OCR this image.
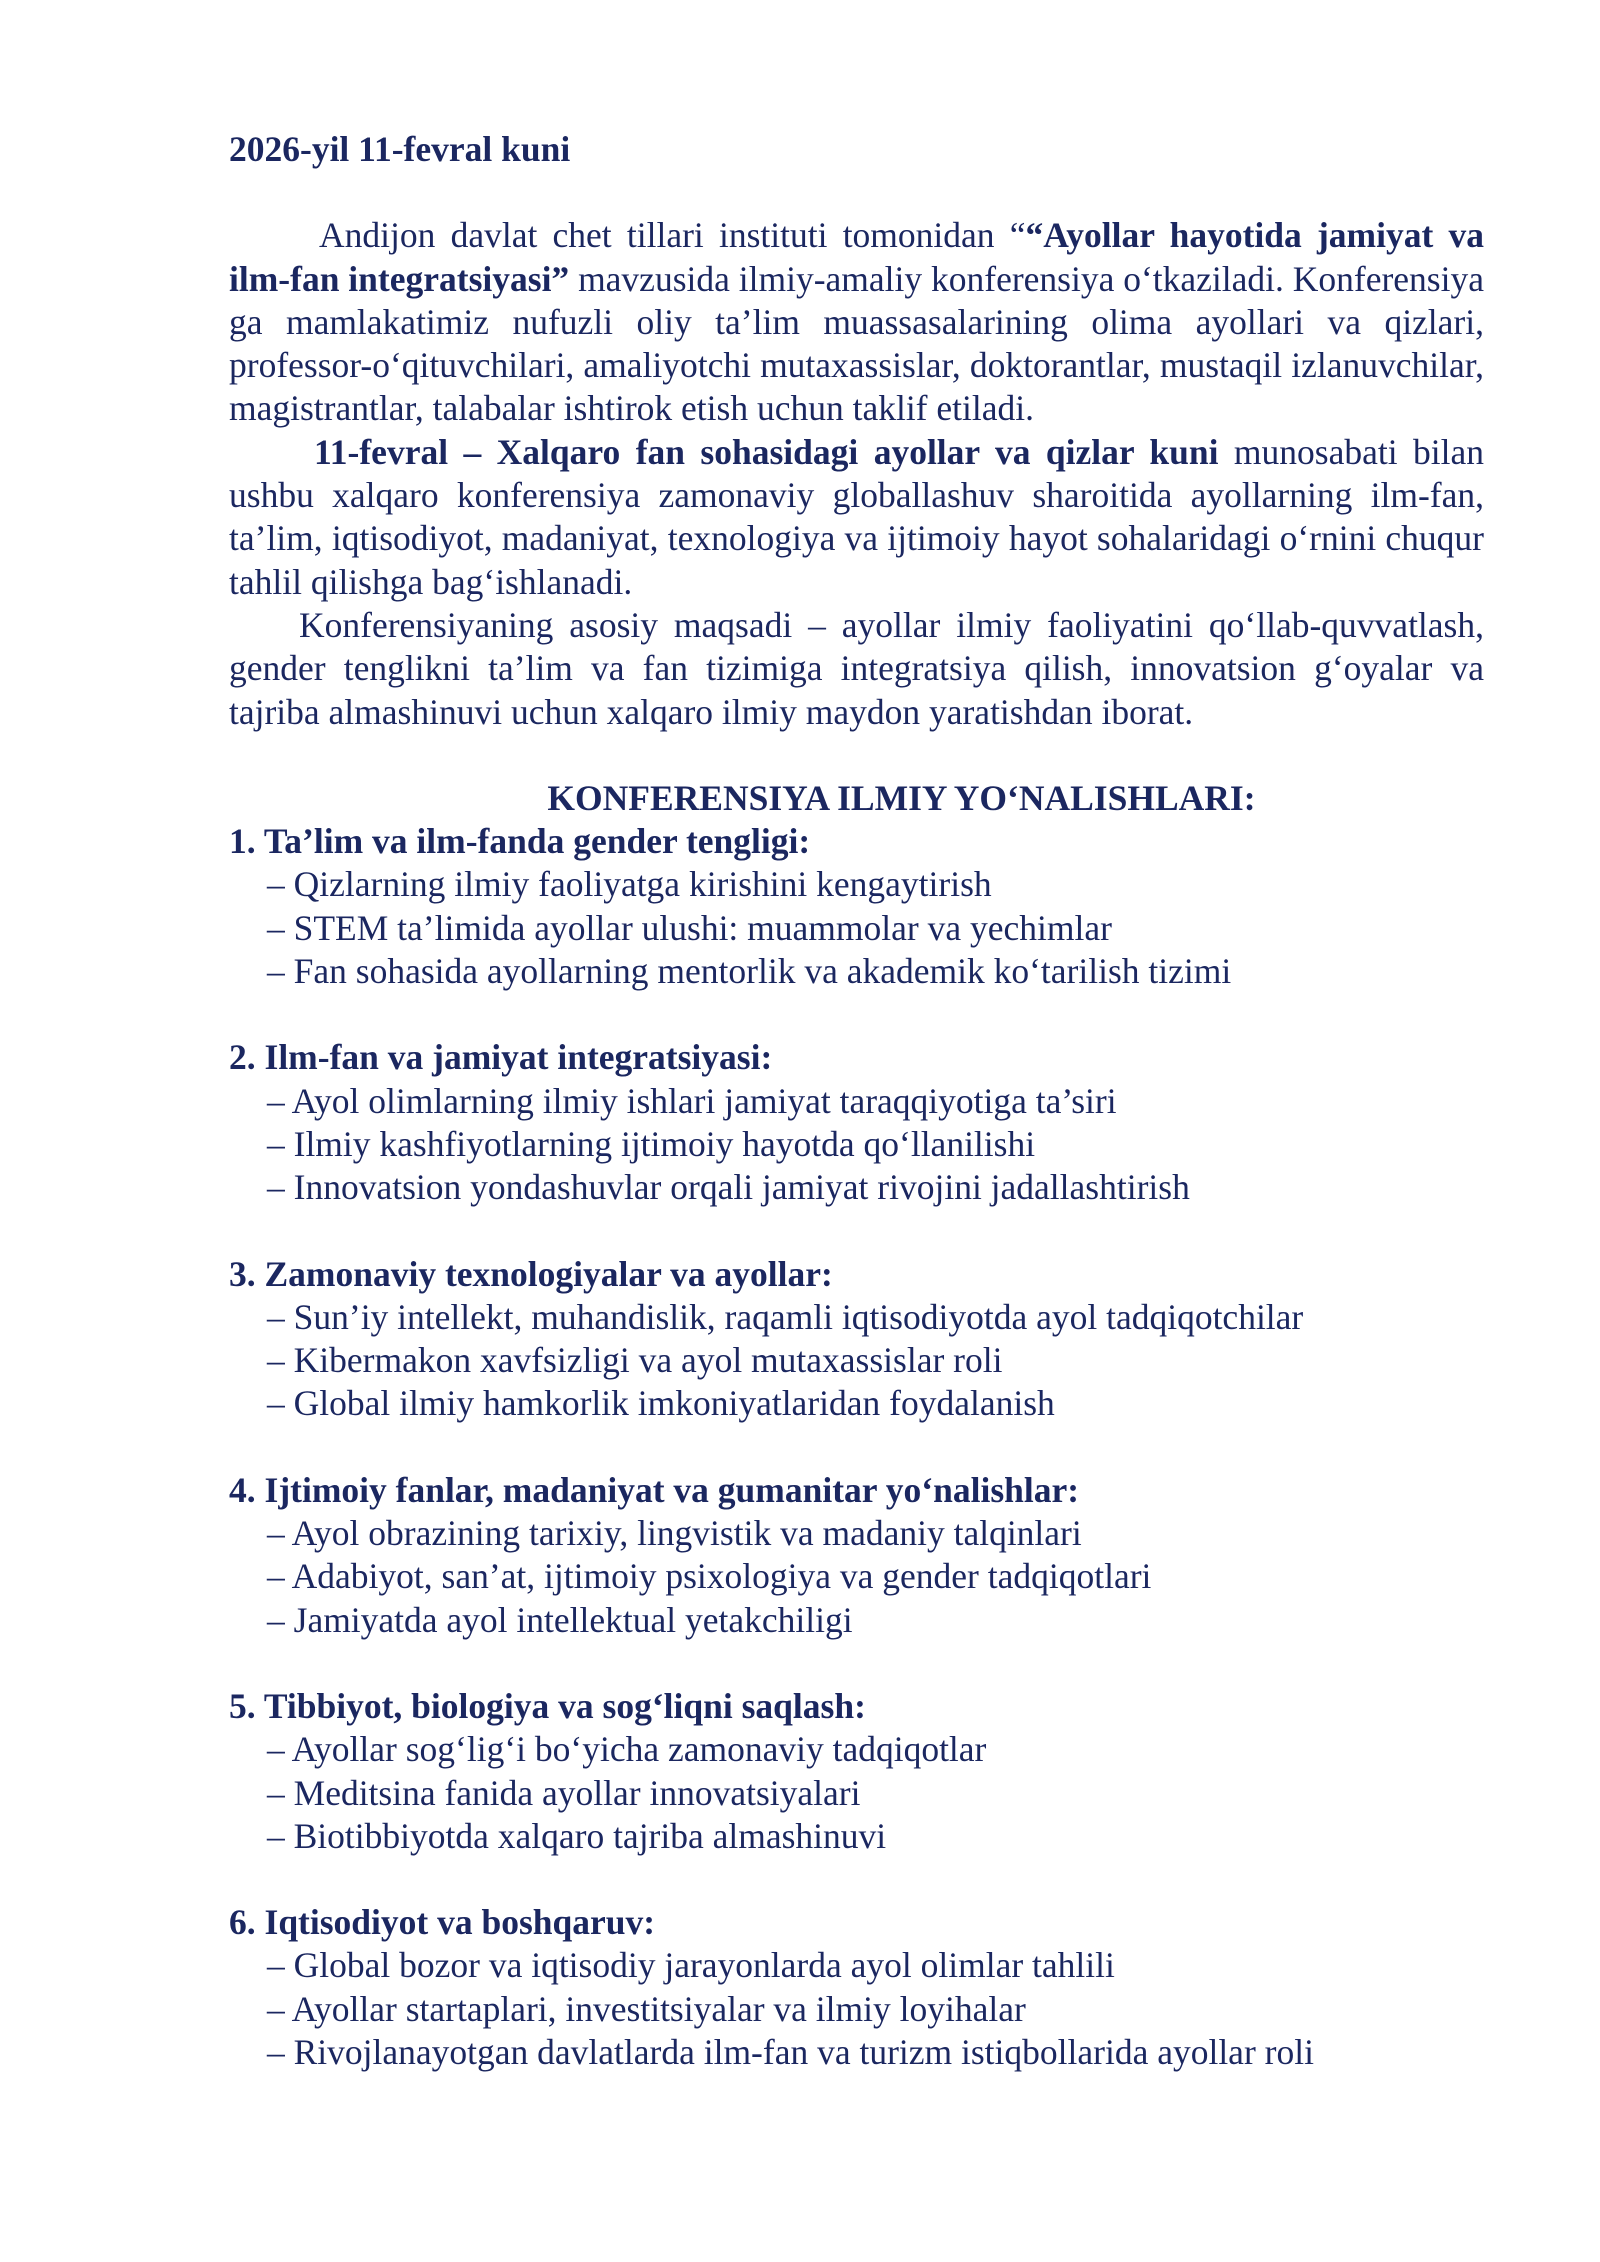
2026-yil 11-fevral kuni

Andijon davlat chet tillari instituti tomonidan ““Ayollar hayotida jamiyat va ilm-fan integratsiyasi” mavzusida ilmiy-amaliy konferensiya o‘tkaziladi. Konferensiya ga mamlakatimiz nufuzli oliy ta’lim muassasalarining olima ayollari va qizlari, professor-o‘qituvchilari, amaliyotchi mutaxassislar, doktorantlar, mustaqil izlanuvchilar, magistrantlar, talabalar ishtirok etish uchun taklif etiladi.

11-fevral – Xalqaro fan sohasidagi ayollar va qizlar kuni munosabati bilan ushbu xalqaro konferensiya zamonaviy globallashuv sharoitida ayollarning ilm-fan, ta’lim, iqtisodiyot, madaniyat, texnologiya va ijtimoiy hayot sohalaridagi o‘rnini chuqur tahlil qilishga bag‘ishlanadi.

Konferensiyaning asosiy maqsadi – ayollar ilmiy faoliyatini qo‘llab-quvvatlash, gender tenglikni ta’lim va fan tizimiga integratsiya qilish, innovatsion g‘oyalar va tajriba almashinuvi uchun xalqaro ilmiy maydon yaratishdan iborat.

KONFERENSIYA ILMIY YO‘NALISHLARI:
1. Ta’lim va ilm-fanda gender tengligi:
– Qizlarning ilmiy faoliyatga kirishini kengaytirish
– STEM ta’limida ayollar ulushi: muammolar va yechimlar
– Fan sohasida ayollarning mentorlik va akademik ko‘tarilish tizimi
2. Ilm-fan va jamiyat integratsiyasi:
– Ayol olimlarning ilmiy ishlari jamiyat taraqqiyotiga ta’siri
– Ilmiy kashfiyotlarning ijtimoiy hayotda qo‘llanilishi
– Innovatsion yondashuvlar orqali jamiyat rivojini jadallashtirish
3. Zamonaviy texnologiyalar va ayollar:
– Sun’iy intellekt, muhandislik, raqamli iqtisodiyotda ayol tadqiqotchilar
– Kibermakon xavfsizligi va ayol mutaxassislar roli
– Global ilmiy hamkorlik imkoniyatlaridan foydalanish
4. Ijtimoiy fanlar, madaniyat va gumanitar yo‘nalishlar:
– Ayol obrazining tarixiy, lingvistik va madaniy talqinlari
– Adabiyot, san’at, ijtimoiy psixologiya va gender tadqiqotlari
– Jamiyatda ayol intellektual yetakchiligi
5. Tibbiyot, biologiya va sog‘liqni saqlash:
– Ayollar sog‘lig‘i bo‘yicha zamonaviy tadqiqotlar
– Meditsina fanida ayollar innovatsiyalari
– Biotibbiyotda xalqaro tajriba almashinuvi
6. Iqtisodiyot va boshqaruv:
– Global bozor va iqtisodiy jarayonlarda ayol olimlar tahlili
– Ayollar startaplari, investitsiyalar va ilmiy loyihalar
– Rivojlanayotgan davlatlarda ilm-fan va turizm istiqbollarida ayollar roli
